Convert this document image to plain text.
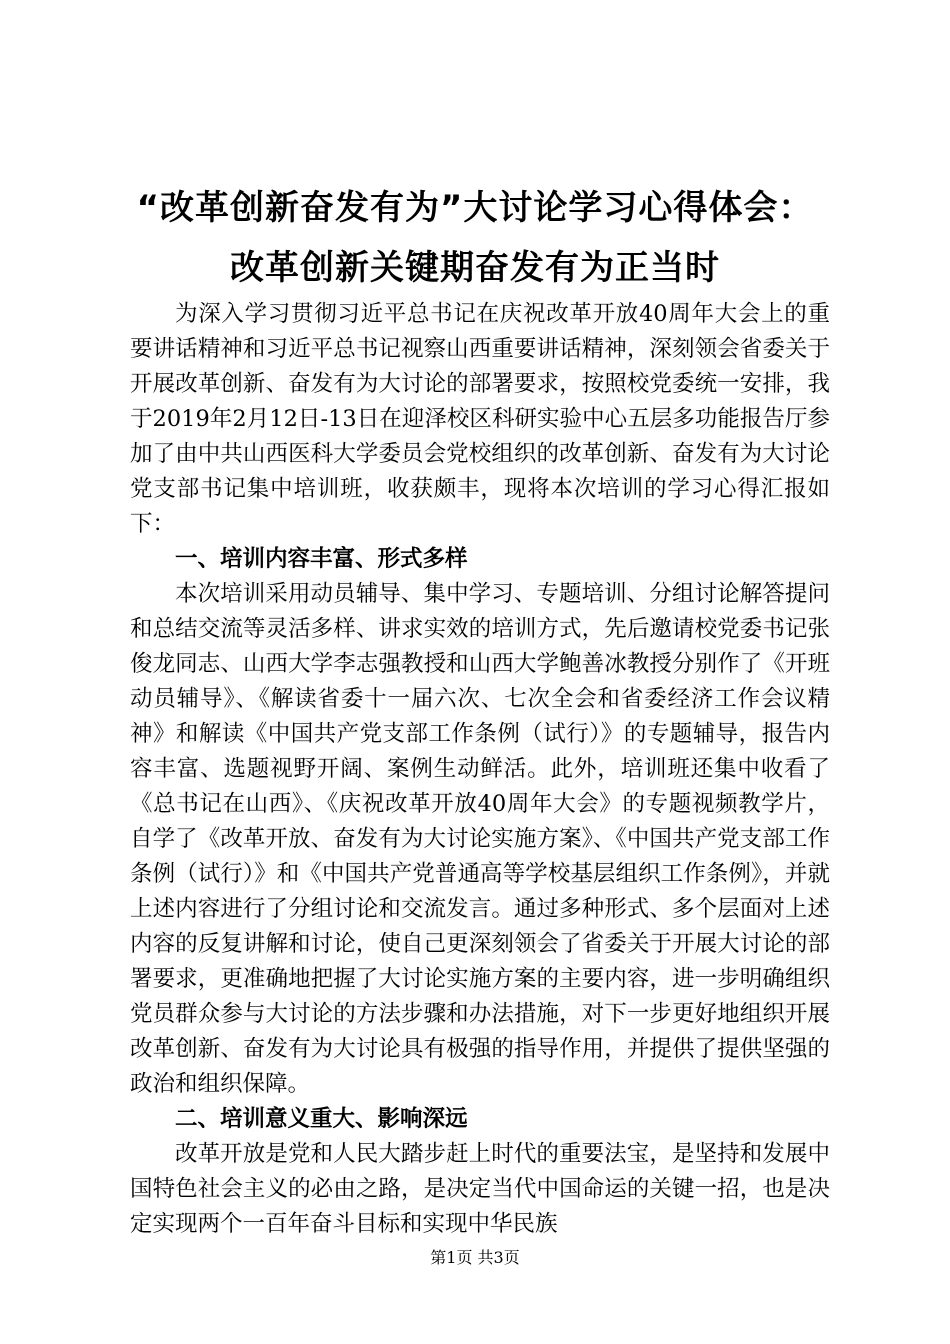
“改革创新奋发有为”大讨论学习心得体会：
改革创新关键期奋发有为正当时

为深入学习贯彻习近平总书记在庆祝改革开放40周年大会上的重要讲话精神和习近平总书记视察山西重要讲话精神，深刻领会省委关于开展改革创新、奋发有为大讨论的部署要求，按照校党委统一安排，我于2019年2月12日-13日在迎泽校区科研实验中心五层多功能报告厅参加了由中共山西医科大学委员会党校组织的改革创新、奋发有为大讨论党支部书记集中培训班，收获颇丰，现将本次培训的学习心得汇报如下：

一、培训内容丰富、形式多样

本次培训采用动员辅导、集中学习、专题培训、分组讨论解答提问和总结交流等灵活多样、讲求实效的培训方式，先后邀请校党委书记张俊龙同志、山西大学李志强教授和山西大学鲍善冰教授分别作了《开班动员辅导》、《解读省委十一届六次、七次全会和省委经济工作会议精神》和解读《中国共产党支部工作条例（试行）》的专题辅导，报告内容丰富、选题视野开阔、案例生动鲜活。此外，培训班还集中收看了《总书记在山西》、《庆祝改革开放40周年大会》的专题视频教学片，自学了《改革开放、奋发有为大讨论实施方案》、《中国共产党支部工作条例（试行）》和《中国共产党普通高等学校基层组织工作条例》，并就上述内容进行了分组讨论和交流发言。通过多种形式、多个层面对上述内容的反复讲解和讨论，使自己更深刻领会了省委关于开展大讨论的部署要求，更准确地把握了大讨论实施方案的主要内容，进一步明确组织党员群众参与大讨论的方法步骤和办法措施，对下一步更好地组织开展改革创新、奋发有为大讨论具有极强的指导作用，并提供了提供坚强的政治和组织保障。

二、培训意义重大、影响深远

改革开放是党和人民大踏步赶上时代的重要法宝，是坚持和发展中国特色社会主义的必由之路，是决定当代中国命运的关键一招，也是决定实现两个一百年奋斗目标和实现中华民族

第1页 共3页
